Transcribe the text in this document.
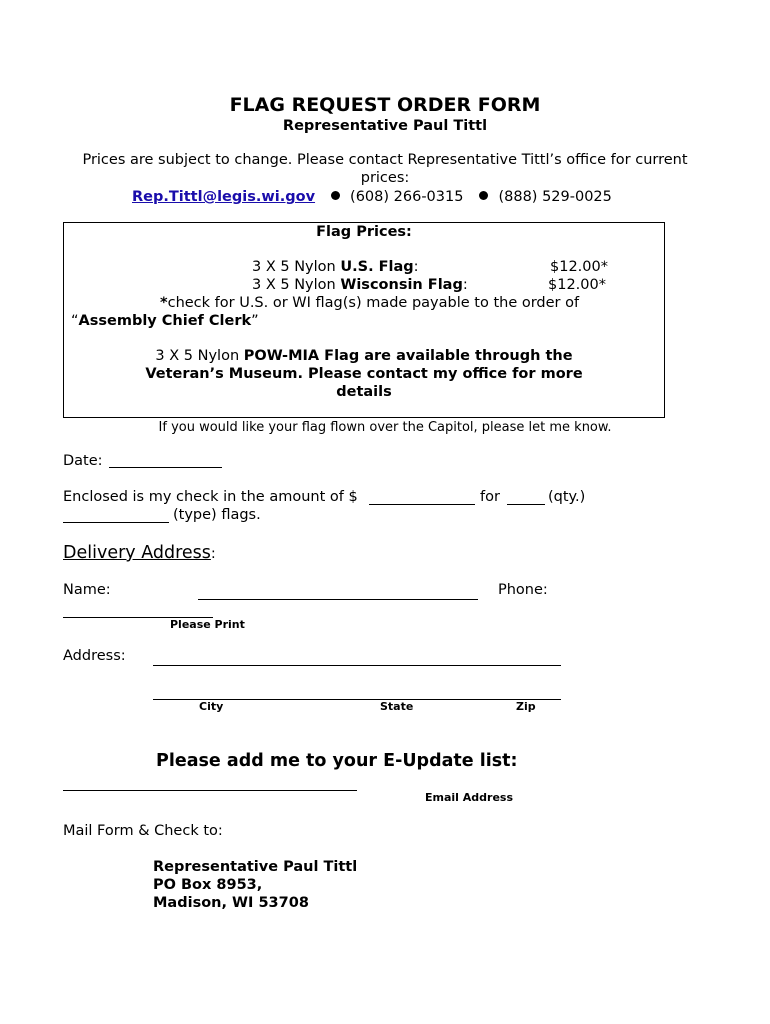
FLAG REQUEST ORDER FORM
Representative Paul Tittl
Prices are subject to change. Please contact Representative Tittl’s office for current
prices:
Rep.Tittl@legis.wi.gov (608) 266-0315 (888) 529-0025
Flag Prices:
3 X 5 Nylon U.S. Flag:	$12.00*
3 X 5 Nylon Wisconsin Flag:	$12.00*
*check for U.S. or WI flag(s) made payable to the order of
“Assembly Chief Clerk”
3 X 5 Nylon POW-MIA Flag are available through the
Veteran’s Museum. Please contact my office for more
details
If you would like your flag flown over the Capitol, please let me know.
Date:
Enclosed is my check in the amount of $	for	(qty.)
(type) flags.
Delivery Address:
Name:	Phone:
Please Print
Address:
City	State	Zip
Please add me to your E-Update list:
Email Address
Mail Form & Check to:
Representative Paul Tittl
PO Box 8953,
Madison, WI 53708
